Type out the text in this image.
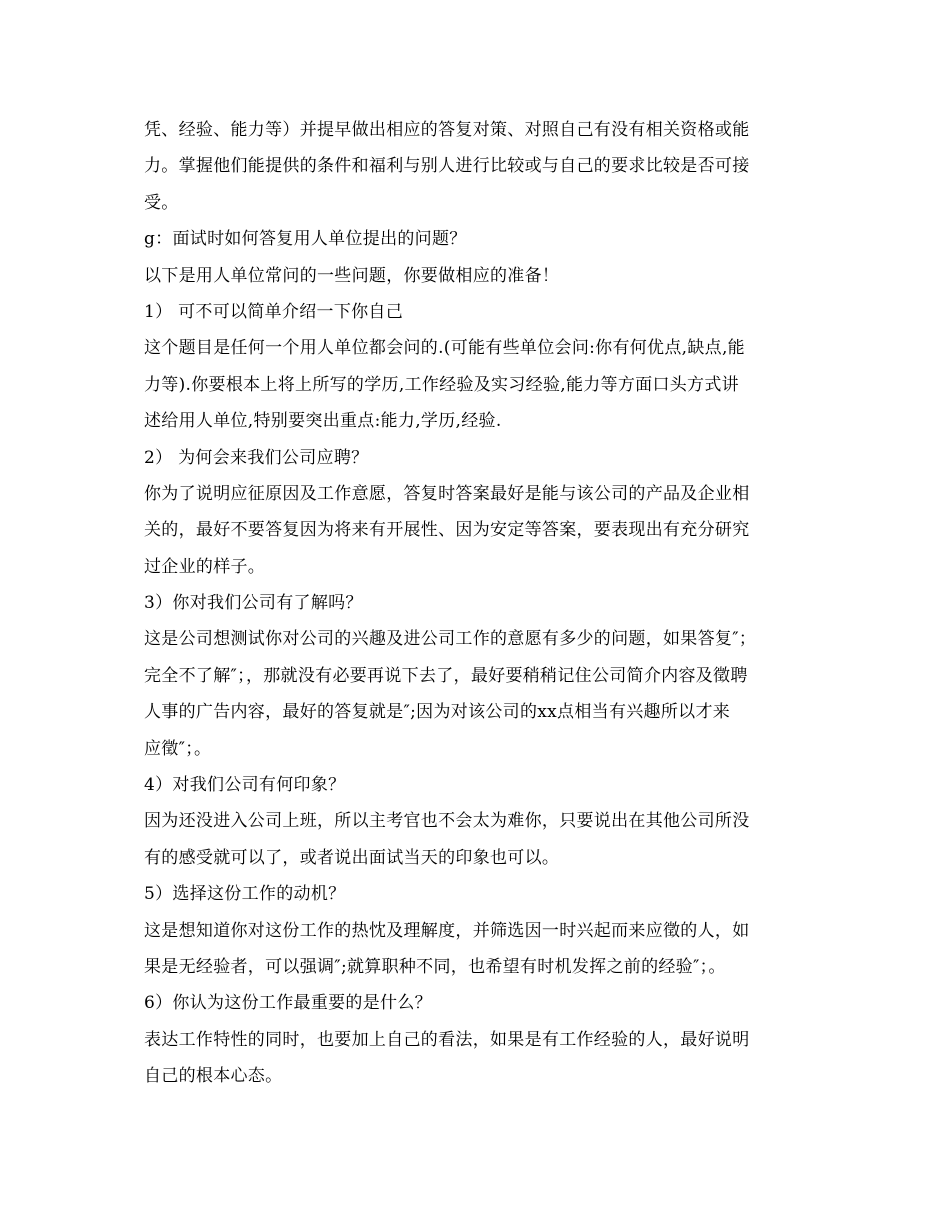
凭、经验、能力等）并提早做出相应的答复对策、对照自己有没有相关资格或能
力。掌握他们能提供的条件和福利与别人进行比较或与自己的要求比较是否可接
受。
g：面试时如何答复用人单位提出的问题？
以下是用人单位常问的一些问题，你要做相应的准备！
1） 可不可以简单介绍一下你自己
这个题目是任何一个用人单位都会问的.(可能有些单位会问:你有何优点,缺点,能
力等).你要根本上将上所写的学历,工作经验及实习经验,能力等方面口头方式讲
述给用人单位,特别要突出重点:能力,学历,经验.
2） 为何会来我们公司应聘？
你为了说明应征原因及工作意愿，答复时答案最好是能与该公司的产品及企业相
关的，最好不要答复因为将来有开展性、因为安定等答案，要表现出有充分研究
过企业的样子。
3）你对我们公司有了解吗？
这是公司想测试你对公司的兴趣及进公司工作的意愿有多少的问题，如果答复″；
完全不了解″；，那就没有必要再说下去了，最好要稍稍记住公司简介内容及徵聘
人事的广告内容，最好的答复就是″;因为对该公司的xx点相当有兴趣所以才来
应徵″；。
4）对我们公司有何印象？
因为还没进入公司上班，所以主考官也不会太为难你，只要说出在其他公司所没
有的感受就可以了，或者说出面试当天的印象也可以。
5）选择这份工作的动机？
这是想知道你对这份工作的热忱及理解度，并筛选因一时兴起而来应徵的人，如
果是无经验者，可以强调″;就算职种不同，也希望有时机发挥之前的经验″；。
6）你认为这份工作最重要的是什么？
表达工作特性的同时，也要加上自己的看法，如果是有工作经验的人，最好说明
自己的根本心态。
